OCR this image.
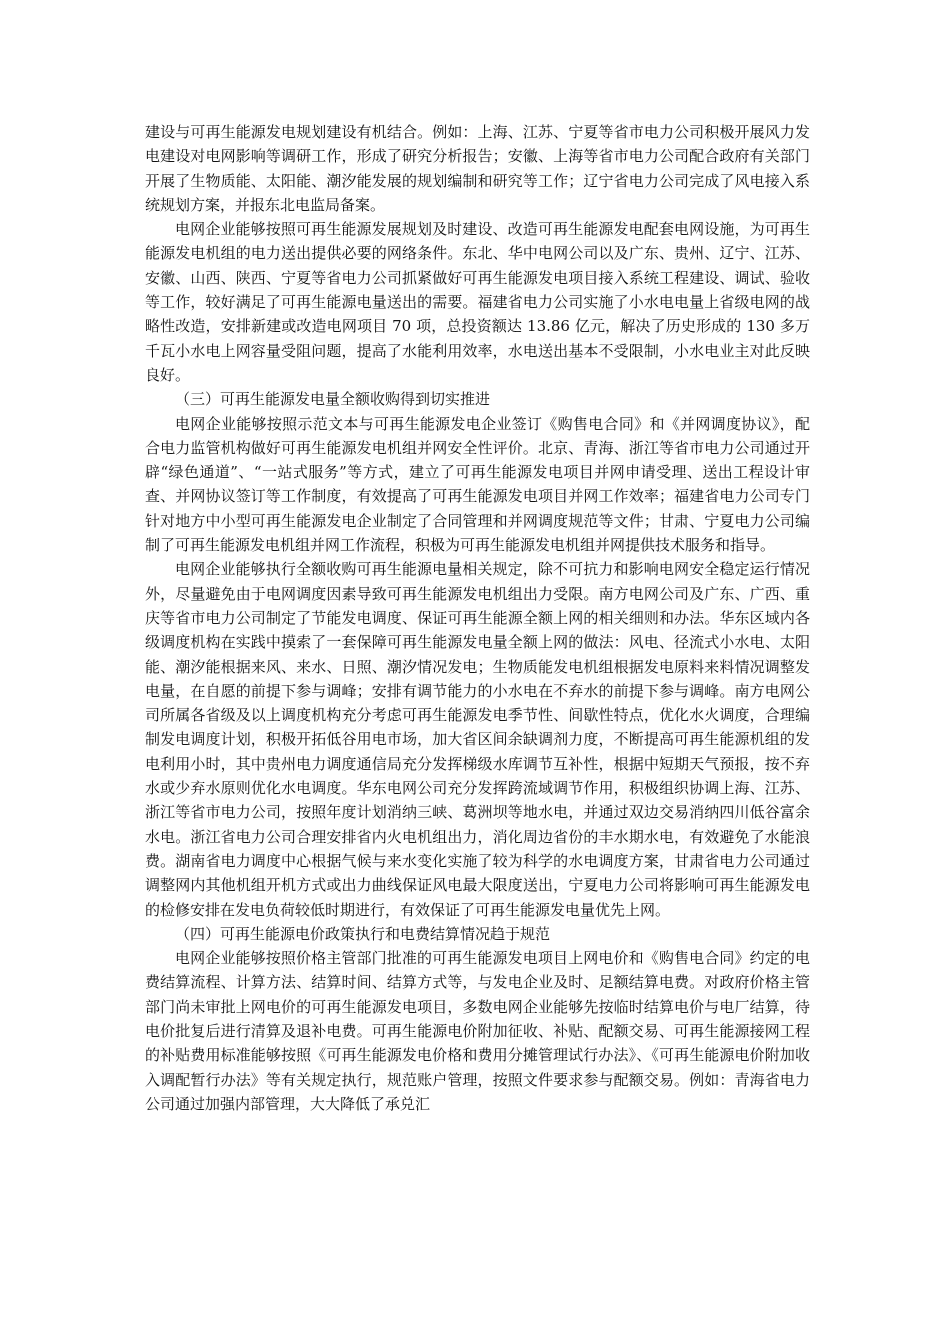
建设与可再生能源发电规划建设有机结合。例如：上海、江苏、宁夏等省市电力公司积极开展风力发电建设对电网影响等调研工作，形成了研究分析报告；安徽、上海等省市电力公司配合政府有关部门开展了生物质能、太阳能、潮汐能发展的规划编制和研究等工作；辽宁省电力公司完成了风电接入系统规划方案，并报东北电监局备案。

电网企业能够按照可再生能源发展规划及时建设、改造可再生能源发电配套电网设施，为可再生能源发电机组的电力送出提供必要的网络条件。东北、华中电网公司以及广东、贵州、辽宁、江苏、安徽、山西、陕西、宁夏等省电力公司抓紧做好可再生能源发电项目接入系统工程建设、调试、验收等工作，较好满足了可再生能源电量送出的需要。福建省电力公司实施了小水电电量上省级电网的战略性改造，安排新建或改造电网项目 70 项，总投资额达 13.86 亿元，解决了历史形成的 130 多万千瓦小水电上网容量受阻问题，提高了水能利用效率，水电送出基本不受限制，小水电业主对此反映良好。

（三）可再生能源发电量全额收购得到切实推进

电网企业能够按照示范文本与可再生能源发电企业签订《购售电合同》和《并网调度协议》，配合电力监管机构做好可再生能源发电机组并网安全性评价。北京、青海、浙江等省市电力公司通过开辟“绿色通道”、“一站式服务”等方式，建立了可再生能源发电项目并网申请受理、送出工程设计审查、并网协议签订等工作制度，有效提高了可再生能源发电项目并网工作效率；福建省电力公司专门针对地方中小型可再生能源发电企业制定了合同管理和并网调度规范等文件；甘肃、宁夏电力公司编制了可再生能源发电机组并网工作流程，积极为可再生能源发电机组并网提供技术服务和指导。

电网企业能够执行全额收购可再生能源电量相关规定，除不可抗力和影响电网安全稳定运行情况外，尽量避免由于电网调度因素导致可再生能源发电机组出力受限。南方电网公司及广东、广西、重庆等省市电力公司制定了节能发电调度、保证可再生能源全额上网的相关细则和办法。华东区域内各级调度机构在实践中摸索了一套保障可再生能源发电量全额上网的做法：风电、径流式小水电、太阳能、潮汐能根据来风、来水、日照、潮汐情况发电；生物质能发电机组根据发电原料来料情况调整发电量，在自愿的前提下参与调峰；安排有调节能力的小水电在不弃水的前提下参与调峰。南方电网公司所属各省级及以上调度机构充分考虑可再生能源发电季节性、间歇性特点，优化水火调度，合理编制发电调度计划，积极开拓低谷用电市场，加大省区间余缺调剂力度，不断提高可再生能源机组的发电利用小时，其中贵州电力调度通信局充分发挥梯级水库调节互补性，根据中短期天气预报，按不弃水或少弃水原则优化水电调度。华东电网公司充分发挥跨流域调节作用，积极组织协调上海、江苏、浙江等省市电力公司，按照年度计划消纳三峡、葛洲坝等地水电，并通过双边交易消纳四川低谷富余水电。浙江省电力公司合理安排省内火电机组出力，消化周边省份的丰水期水电，有效避免了水能浪费。湖南省电力调度中心根据气候与来水变化实施了较为科学的水电调度方案，甘肃省电力公司通过调整网内其他机组开机方式或出力曲线保证风电最大限度送出，宁夏电力公司将影响可再生能源发电的检修安排在发电负荷较低时期进行，有效保证了可再生能源发电量优先上网。

（四）可再生能源电价政策执行和电费结算情况趋于规范

电网企业能够按照价格主管部门批准的可再生能源发电项目上网电价和《购售电合同》约定的电费结算流程、计算方法、结算时间、结算方式等，与发电企业及时、足额结算电费。对政府价格主管部门尚未审批上网电价的可再生能源发电项目，多数电网企业能够先按临时结算电价与电厂结算，待电价批复后进行清算及退补电费。可再生能源电价附加征收、补贴、配额交易、可再生能源接网工程的补贴费用标准能够按照《可再生能源发电价格和费用分摊管理试行办法》、《可再生能源电价附加收入调配暂行办法》等有关规定执行，规范账户管理，按照文件要求参与配额交易。例如：青海省电力公司通过加强内部管理，大大降低了承兑汇
